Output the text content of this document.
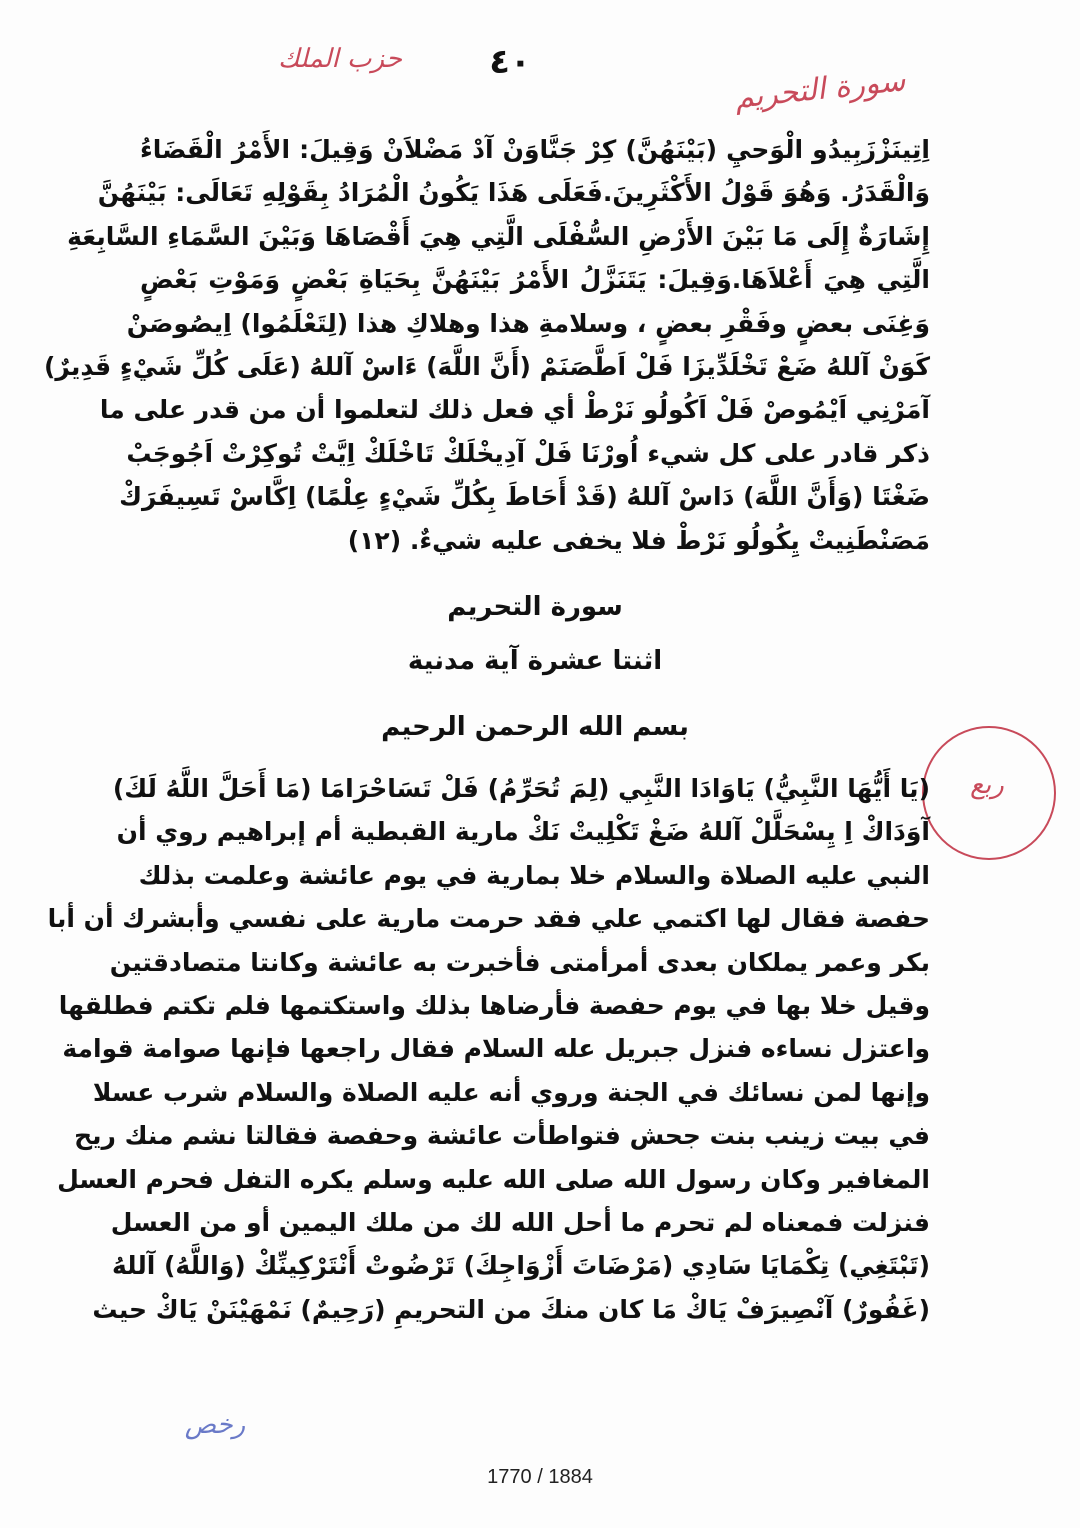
٤٠
حزب الملك
سورة التحريم
اِتِينَزْزَبِيدُو الْوَحيِ (بَيْنَهُنَّ) كِرْ جَنَّاوَنْ آدْ مَضْلاَنْ وَقِيلَ: الأَمْرُ الْقَضَاءُ
وَالْقَدَرُ. وَهُوَ قَوْلُ الأَكْثَرِينَ.فَعَلَى هَذَا يَكُونُ الْمُرَادُ بِقَوْلِهِ تَعَالَى: بَيْنَهُنَّ
إِشَارَةٌ إِلَى مَا بَيْنَ الأَرْضِ السُّفْلَى الَّتِي هِيَ أَقْصَاهَا وَبَيْنَ السَّمَاءِ السَّابِعَةِ
الَّتِي هِيَ أَعْلاَهَا.وَقِيلَ: يَتَنَزَّلُ الأَمْرُ بَيْنَهُنَّ بِحَيَاةِ بَعْضٍ وَمَوْتِ بَعْضٍ
وَغِنَى بعضٍ وفَقْرِ بعضٍ ، وسلامةِ هذا وهلاكِ هذا (لِتَعْلَمُوا) اِيصُوصَنْ
كَوَنْ آللهُ ضَعْ تَخْلَدِّيزَا فَلْ اَطَّصَنَمْ (أَنَّ اللَّهَ) ءَاسْ آللهُ (عَلَى كُلِّ شَيْءٍ قَدِيرٌ)
آمَرْنِي اَيْمُوصْ فَلْ اَكُولُو نَرْطْ أي فعل ذلك لتعلموا أن من قدر على ما
ذكر قادر على كل شيء اُورْنَا فَلْ آدِيخْلَكْ تَاخْلَكْ اِيَّتْ تُوكِرْتْ اَجُوجَبْ
ضَغْتَا (وَأَنَّ اللَّهَ) دَاسْ آللهُ (قَدْ أَحَاطَ بِكُلِّ شَيْءٍ عِلْمًا) اِكَّاسْ تَسِيفَرَكْ
مَصَنْطَنِيتْ يِكُولُو نَرْطْ فلا يخفى عليه شيءٌ. (١٢)
سورة التحريم
اثنتا عشرة آية مدنية
بسم الله الرحمن الرحيم
ربع
(يَا أَيُّهَا النَّبِيُّ) يَاوَادَا النَّبِي (لِمَ تُحَرِّمُ) فَلْ تَسَاحْرَامَا (مَا أَحَلَّ اللَّهُ لَكَ)
آوَدَاكْ اِ يِسْحَلَّلْ آللهُ ضَغْ تَكْلِيتْ نَكْ مارية القبطية أم إبراهيم روي أن
النبي عليه الصلاة والسلام خلا بمارية في يوم عائشة وعلمت بذلك
حفصة فقال لها اكتمي علي فقد حرمت مارية على نفسي وأبشرك أن أبا
بكر وعمر يملكان بعدى أمرأمتى فأخبرت به عائشة وكانتا متصادقتين
وقيل خلا بها في يوم حفصة فأرضاها بذلك واستكتمها فلم تكتم فطلقها
واعتزل نساءه فنزل جبريل عله السلام فقال راجعها فإنها صوامة قوامة
وإنها لمن نسائك في الجنة وروي أنه عليه الصلاة والسلام شرب عسلا
في بيت زينب بنت جحش فتواطأت عائشة وحفصة فقالتا نشم منك ريح
المغافير وكان رسول الله صلى الله عليه وسلم يكره التفل فحرم العسل
فنزلت فمعناه لم تحرم ما أحل الله لك من ملك اليمين أو من العسل
(تَبْتَغِي) تِكْمَايَا سَادِي (مَرْضَاتَ أَزْوَاجِكَ) تَرْضُوتْ أَنْتَرْكِينِّكْ (وَاللَّهُ) آللهُ
(غَفُورٌ) آنْصِيرَفْ يَاكْ مَا كان منكَ من التحريمِ (رَحِيمٌ) نَمْهَيْنَنْ يَاكْ حيث
رخص
1770 / 1884
